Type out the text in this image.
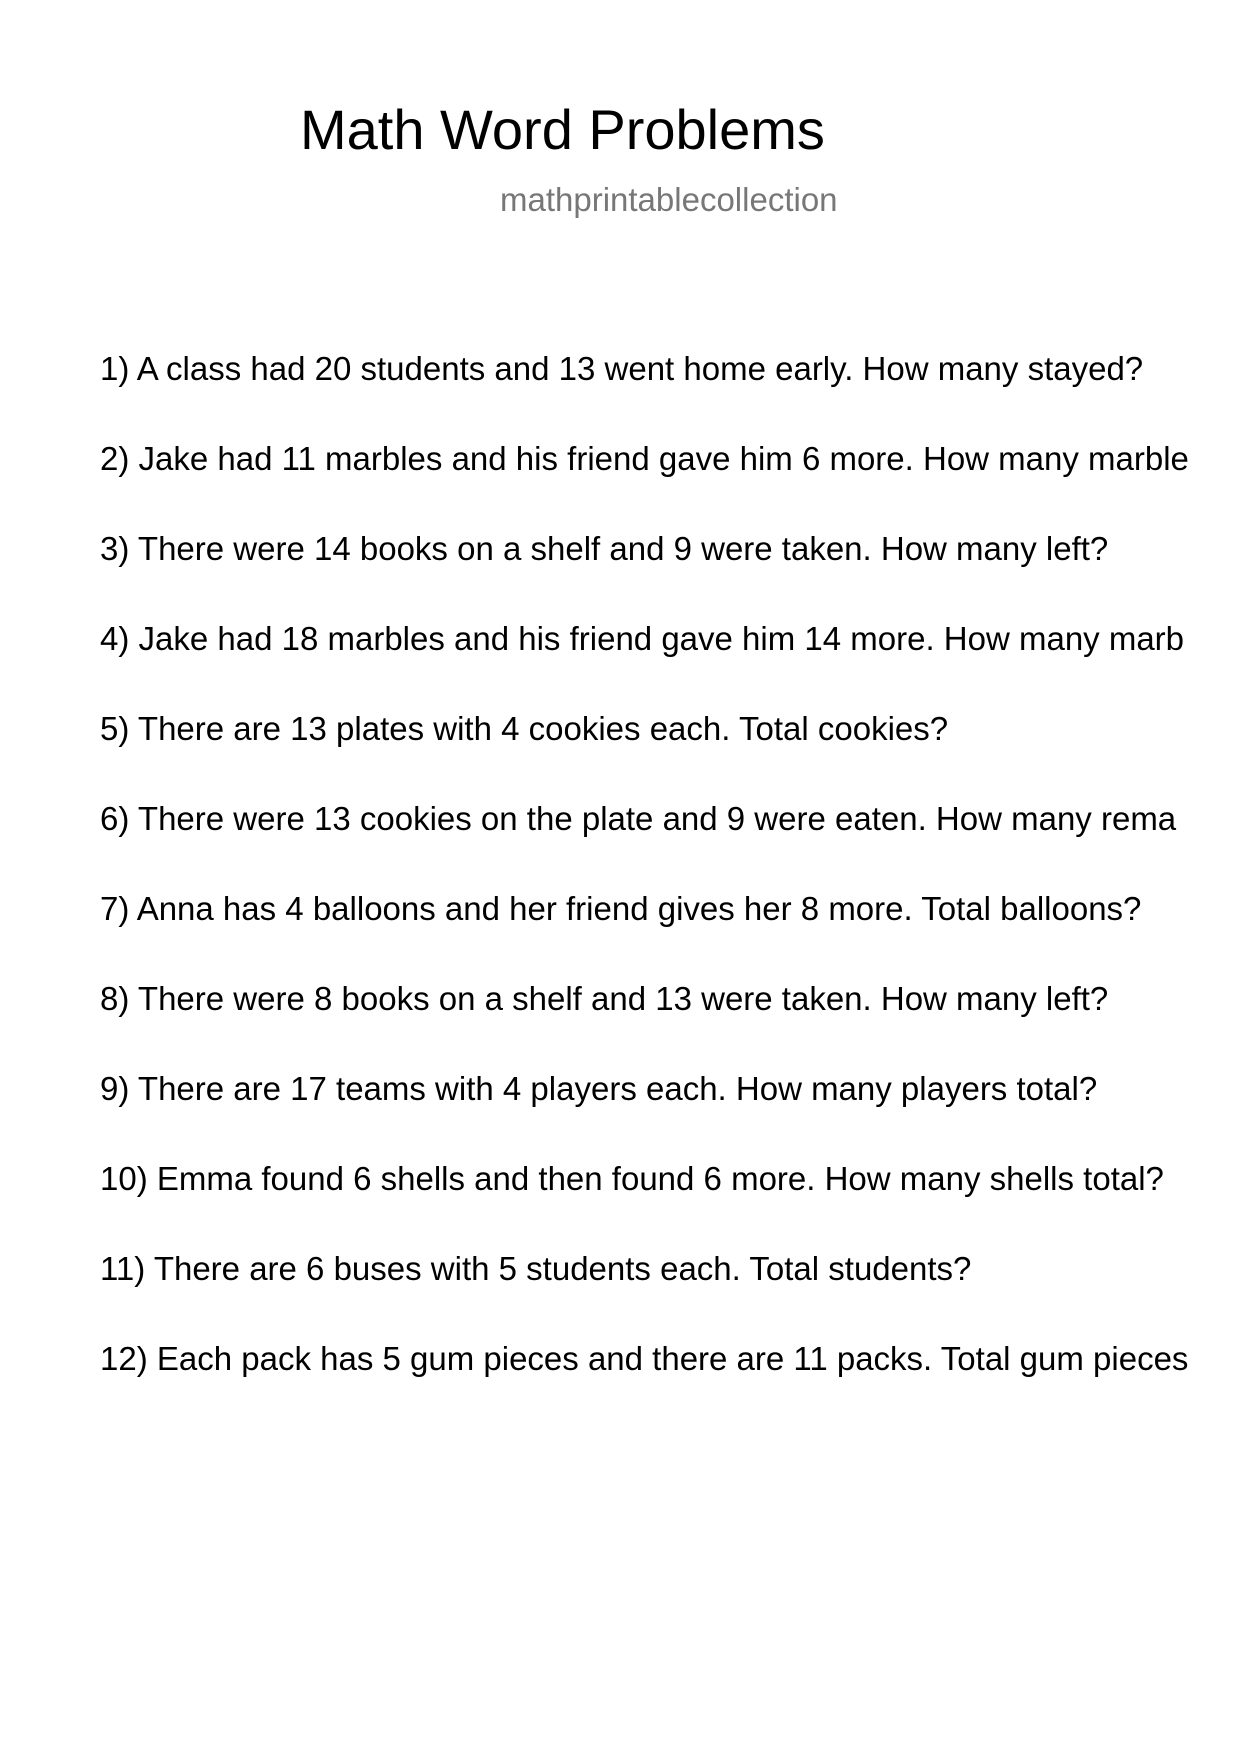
Math Word Problems

mathprintablecollection

1) A class had 20 students and 13 went home early. How many stayed?
2) Jake had 11 marbles and his friend gave him 6 more. How many marble
3) There were 14 books on a shelf and 9 were taken. How many left?
4) Jake had 18 marbles and his friend gave him 14 more. How many marb
5) There are 13 plates with 4 cookies each. Total cookies?
6) There were 13 cookies on the plate and 9 were eaten. How many rema
7) Anna has 4 balloons and her friend gives her 8 more. Total balloons?
8) There were 8 books on a shelf and 13 were taken. How many left?
9) There are 17 teams with 4 players each. How many players total?
10) Emma found 6 shells and then found 6 more. How many shells total?
11) There are 6 buses with 5 students each. Total students?
12) Each pack has 5 gum pieces and there are 11 packs. Total gum pieces
